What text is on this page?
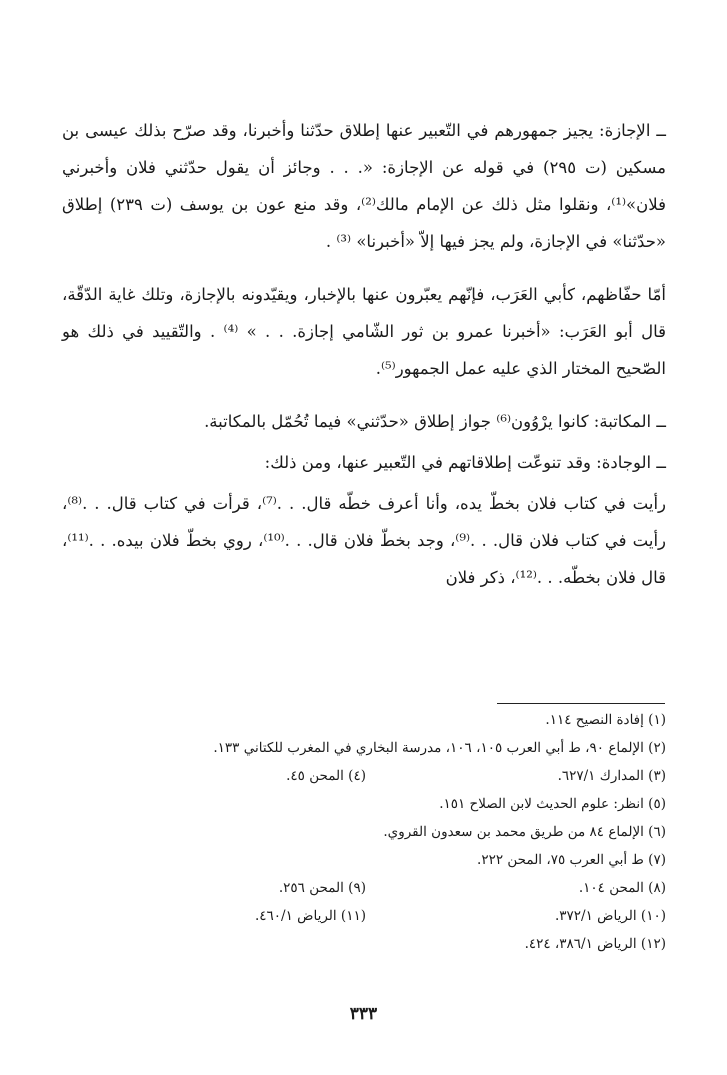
ــ الإجازة: يجيز جمهورهم في التّعبير عنها إطلاق حدّثنا وأخبرنا، وقد صرّح بذلك عيسى بن مسكين (ت ٢٩٥) في قوله عن الإجازة: «. . . وجائز أن يقول حدّثني فلان وأخبرني فلان»⁽¹⁾، ونقلوا مثل ذلك عن الإمام مالك⁽²⁾، وقد منع عون بن يوسف (ت ٢٣٩) إطلاق «حدّثنا» في الإجازة، ولم يجز فيها إلاّ «أخبرنا» ⁽³⁾ .

أمّا حفّاظهم، كأبي العَرَب، فإنّهم يعبّرون عنها بالإخبار، ويقيّدونه بالإجازة، وتلك غاية الدّقّة، قال أبو العَرَب: «أخبرنا عمرو بن ثور الشّامي إجازة. . . » ⁽⁴⁾ . والتّقييد في ذلك هو الصّحيح المختار الذي عليه عمل الجمهور⁽⁵⁾.

ــ المكاتبة: كانوا يرْوُون⁽⁶⁾ جواز إطلاق «حدّثني» فيما تُحُمّل بالمكاتبة.

ــ الوجادة: وقد تنوعّت إطلاقاتهم في التّعبير عنها، ومن ذلك:

رأيت في كتاب فلان بخطّ يده، وأنا أعرف خطّه قال. . .⁽⁷⁾، قرأت في كتاب قال. . .⁽⁸⁾، رأيت في كتاب فلان قال. . .⁽⁹⁾، وجد بخطّ فلان قال. . .⁽¹⁰⁾، روي بخطّ فلان بيده. . .⁽¹¹⁾، قال فلان بخطّه. . .⁽¹²⁾، ذكر فلان

(١) إفادة النصيح ١١٤.
(٢) الإلماع ٩٠، ط أبي العرب ١٠٥، ١٠٦، مدرسة البخاري في المغرب للكتاني ١٣٣.
(٣) المدارك ٦٢٧/١.
(٤) المحن ٤٥.
(٥) انظر: علوم الحديث لابن الصلاح ١٥١.
(٦) الإلماع ٨٤ من طريق محمد بن سعدون القروي.
(٧) ط أبي العرب ٧٥، المحن ٢٢٢.
(٨) المحن ١٠٤.
(٩) المحن ٢٥٦.
(١٠) الرياض ٣٧٢/١.
(١١) الرياض ٤٦٠/١.
(١٢) الرياض ٣٨٦/١، ٤٢٤.
٣٣٣
